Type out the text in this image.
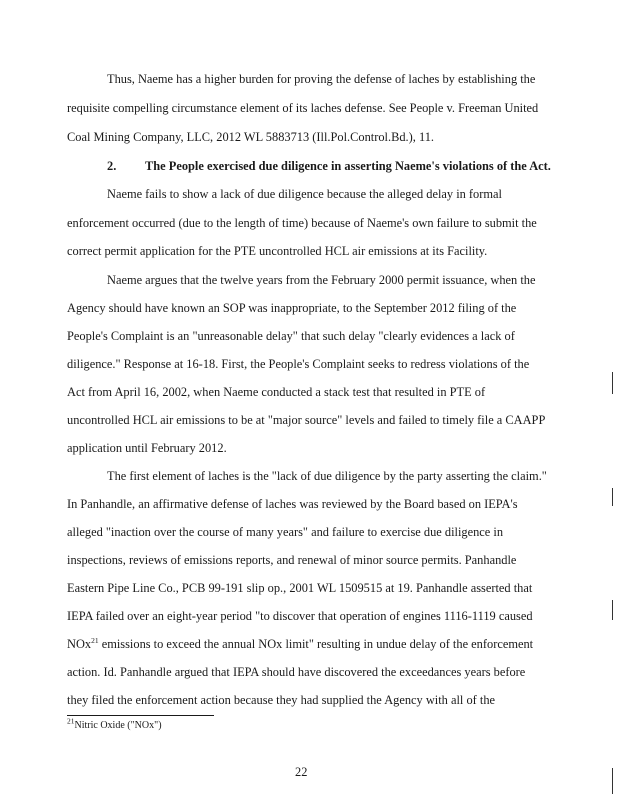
Thus, Naeme has a higher burden for proving the defense of laches by establishing the
requisite compelling circumstance element of its laches defense. See People v. Freeman United
Coal Mining Company, LLC, 2012 WL 5883713 (Ill.Pol.Control.Bd.), 11.
2. The People exercised due diligence in asserting Naeme's violations of the Act.
Naeme fails to show a lack of due diligence because the alleged delay in formal
enforcement occurred (due to the length of time) because of Naeme's own failure to submit the
correct permit application for the PTE uncontrolled HCL air emissions at its Facility.
Naeme argues that the twelve years from the February 2000 permit issuance, when the
Agency should have known an SOP was inappropriate, to the September 2012 filing of the
People's Complaint is an "unreasonable delay" that such delay "clearly evidences a lack of
diligence." Response at 16-18. First, the People's Complaint seeks to redress violations of the
Act from April 16, 2002, when Naeme conducted a stack test that resulted in PTE of
uncontrolled HCL air emissions to be at "major source" levels and failed to timely file a CAAPP
application until February 2012.
The first element of laches is the "lack of due diligence by the party asserting the claim."
In Panhandle, an affirmative defense of laches was reviewed by the Board based on IEPA's
alleged "inaction over the course of many years" and failure to exercise due diligence in
inspections, reviews of emissions reports, and renewal of minor source permits. Panhandle
Eastern Pipe Line Co., PCB 99-191 slip op., 2001 WL 1509515 at 19. Panhandle asserted that
IEPA failed over an eight-year period "to discover that operation of engines 1116-1119 caused
NOx$^{21}$ emissions to exceed the annual NOx limit" resulting in undue delay of the enforcement
action. Id. Panhandle argued that IEPA should have discovered the exceedances years before
they filed the enforcement action because they had supplied the Agency with all of the
$^{21}$Nitric Oxide ("NOx")
22
